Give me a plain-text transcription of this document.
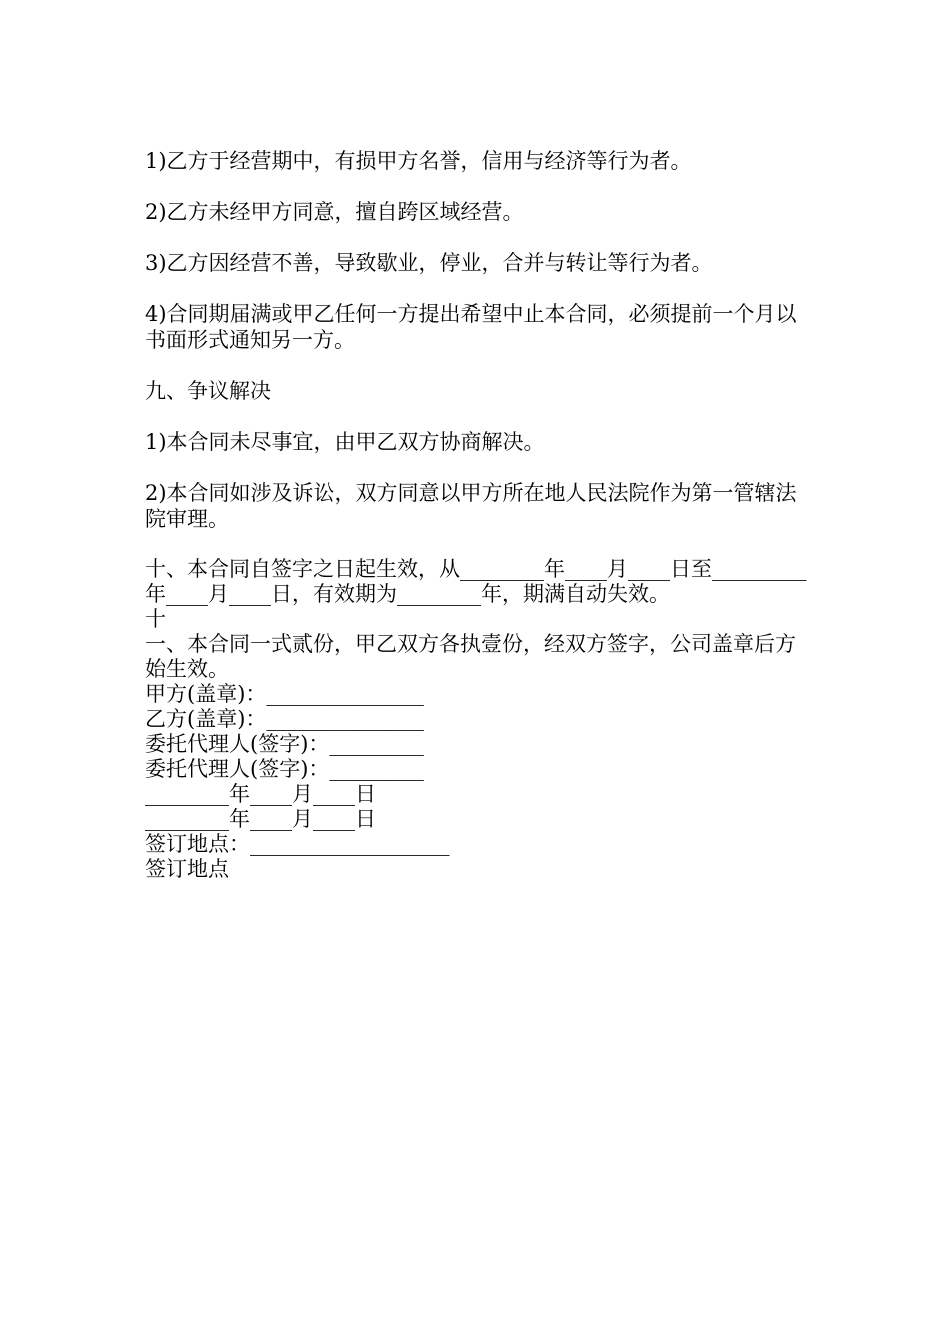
1)乙方于经营期中，有损甲方名誉，信用与经济等行为者。

2)乙方未经甲方同意，擅自跨区域经营。

3)乙方因经营不善，导致歇业，停业，合并与转让等行为者。

4)合同期届满或甲乙任何一方提出希望中止本合同，必须提前一个月以书面形式通知另一方。

九、争议解决

1)本合同未尽事宜，由甲乙双方协商解决。

2)本合同如涉及诉讼，双方同意以甲方所在地人民法院作为第一管辖法院审理。

十、本合同自签字之日起生效，从________年____月____日至_________年____月____日，有效期为________年，期满自动失效。

十

一、本合同一式贰份，甲乙双方各执壹份，经双方签字，公司盖章后方始生效。

甲方(盖章)：_______________

乙方(盖章)：_______________

委托代理人(签字)：_________

委托代理人(签字)：_________

________年____月____日

________年____月____日

签订地点：___________________

签订地点
